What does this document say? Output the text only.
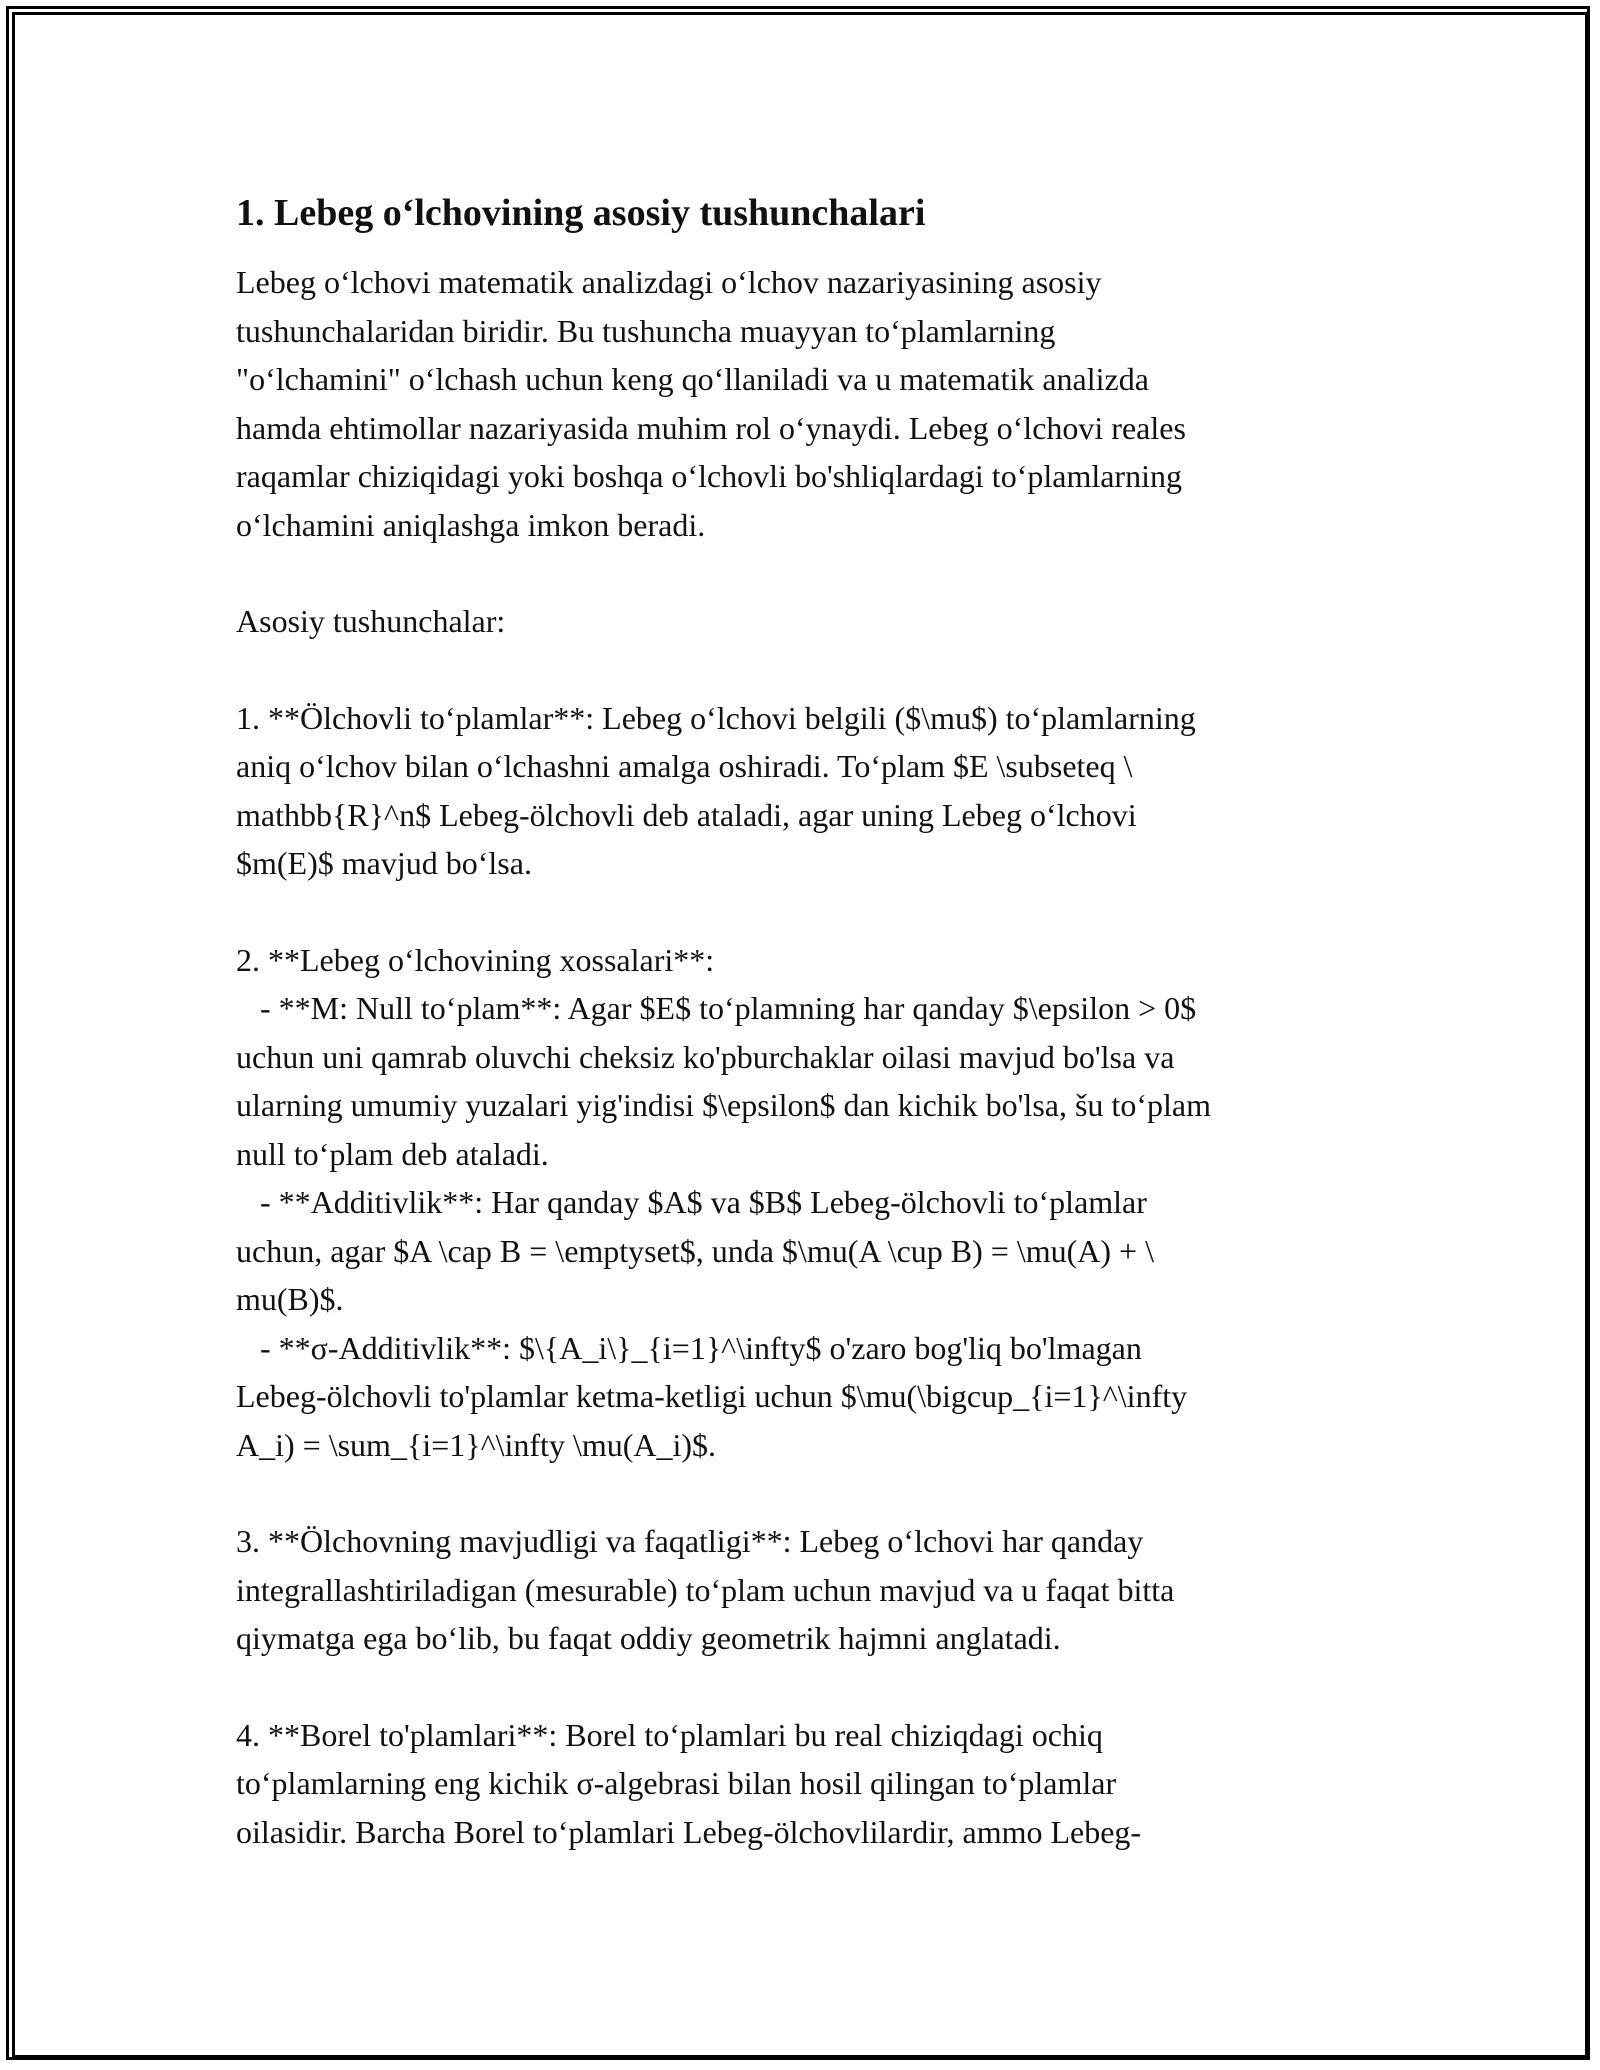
1. Lebeg o‘lchovining asosiy tushunchalari

Lebeg o‘lchovi matematik analizdagi o‘lchov nazariyasining asosiy
tushunchalaridan biridir. Bu tushuncha muayyan to‘plamlarning
"o‘lchamini" o‘lchash uchun keng qo‘llaniladi va u matematik analizda
hamda ehtimollar nazariyasida muhim rol o‘ynaydi. Lebeg o‘lchovi reales
raqamlar chiziqidagi yoki boshqa o‘lchovli bo'shliqlardagi to‘plamlarning
o‘lchamini aniqlashga imkon beradi.

Asosiy tushunchalar:

1. **Ölchovli to‘plamlar**: Lebeg o‘lchovi belgili ($\mu$) to‘plamlarning
aniq o‘lchov bilan o‘lchashni amalga oshiradi. To‘plam $E \subseteq \
mathbb{R}^n$ Lebeg-ölchovli deb ataladi, agar uning Lebeg o‘lchovi
$m(E)$ mavjud bo‘lsa.

2. **Lebeg o‘lchovining xossalari**:
- **M: Null to‘plam**: Agar $E$ to‘plamning har qanday $\epsilon > 0$
uchun uni qamrab oluvchi cheksiz ko'pburchaklar oilasi mavjud bo'lsa va
ularning umumiy yuzalari yig'indisi $\epsilon$ dan kichik bo'lsa, šu to‘plam
null to‘plam deb ataladi.
- **Additivlik**: Har qanday $A$ va $B$ Lebeg-ölchovli to‘plamlar
uchun, agar $A \cap B = \emptyset$, unda $\mu(A \cup B) = \mu(A) + \
mu(B)$.
- **σ-Additivlik**: $\{A_i\}_{i=1}^\infty$ o'zaro bog'liq bo'lmagan
Lebeg-ölchovli to'plamlar ketma-ketligi uchun $\mu(\bigcup_{i=1}^\infty
A_i) = \sum_{i=1}^\infty \mu(A_i)$.

3. **Ölchovning mavjudligi va faqatligi**: Lebeg o‘lchovi har qanday
integrallashtiriladigan (mesurable) to‘plam uchun mavjud va u faqat bitta
qiymatga ega bo‘lib, bu faqat oddiy geometrik hajmni anglatadi.

4. **Borel to'plamlari**: Borel to‘plamlari bu real chiziqdagi ochiq
to‘plamlarning eng kichik σ-algebrasi bilan hosil qilingan to‘plamlar
oilasidir. Barcha Borel to‘plamlari Lebeg-ölchovlilardir, ammo Lebeg-
